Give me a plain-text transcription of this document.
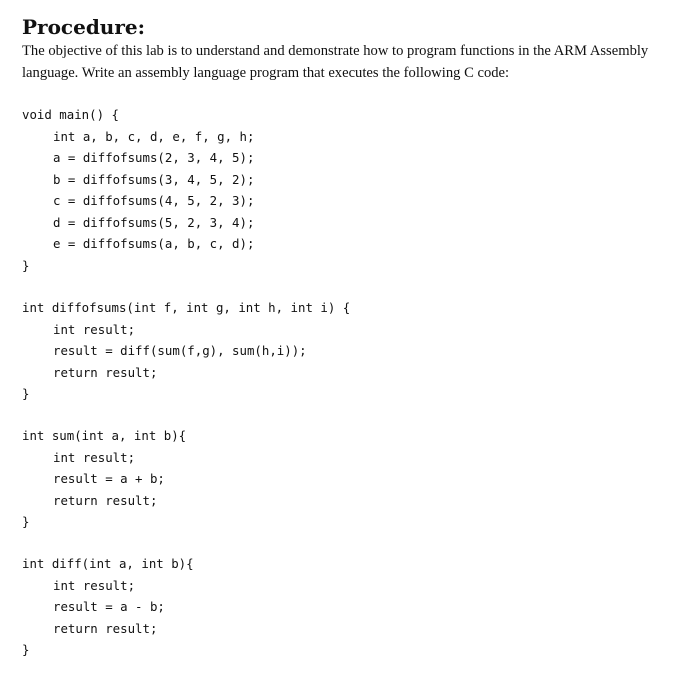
Procedure:

The objective of this lab is to understand and demonstrate how to program functions in the ARM Assembly
language. Write an assembly language program that executes the following C code:

void main() {
int a, b, c, d, e, f, g, h;
a = diffofsums(2, 3, 4, 5);
b = diffofsums(3, 4, 5, 2);
c = diffofsums(4, 5, 2, 3);
d = diffofsums(5, 2, 3, 4);
e = diffofsums(a, b, c, d);
}
int diffofsums(int f, int g, int h, int i) {
int result;
result = diff(sum(f,g), sum(h,i));
return result;
}
int sum(int a, int b){
int result;
result = a + b;
return result;
}
int diff(int a, int b){
int result;
result = a - b;
return result;
}
